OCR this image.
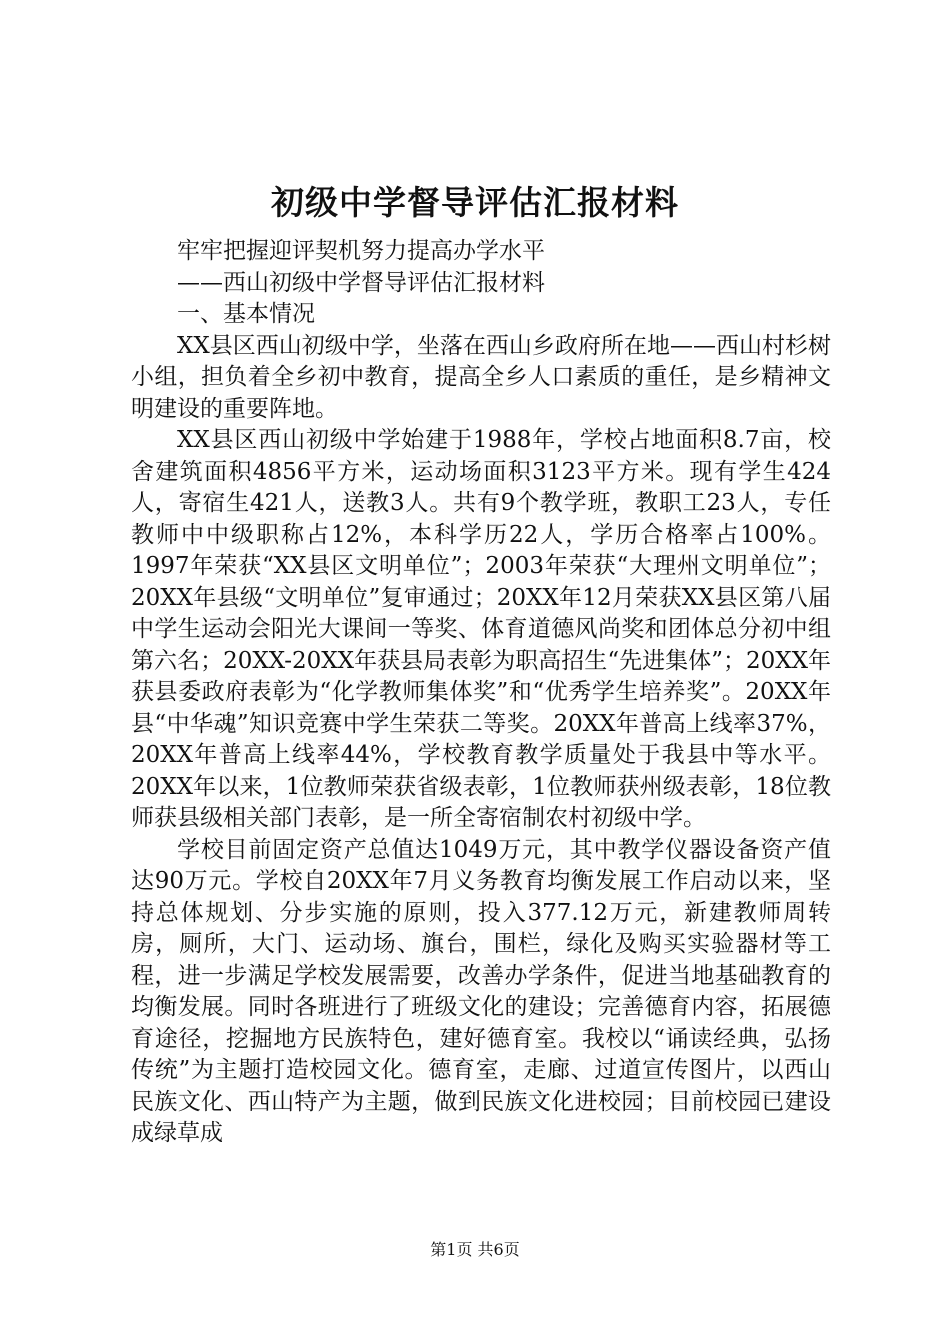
初级中学督导评估汇报材料

牢牢把握迎评契机努力提高办学水平

——西山初级中学督导评估汇报材料

一、基本情况

XX县区西山初级中学，坐落在西山乡政府所在地——西山村杉树小组，担负着全乡初中教育，提高全乡人口素质的重任，是乡精神文明建设的重要阵地。

XX县区西山初级中学始建于1988年，学校占地面积8.7亩，校舍建筑面积4856平方米，运动场面积3123平方米。现有学生424人，寄宿生421人，送教3人。共有9个教学班，教职工23人，专任教师中中级职称占12%，本科学历22人，学历合格率占100%。1997年荣获“XX县区文明单位”；2003年荣获“大理州文明单位”；20XX年县级“文明单位”复审通过；20XX年12月荣获XX县区第八届中学生运动会阳光大课间一等奖、体育道德风尚奖和团体总分初中组第六名；20XX-20XX年获县局表彰为职高招生“先进集体”；20XX年获县委政府表彰为“化学教师集体奖”和“优秀学生培养奖”。20XX年县“中华魂”知识竞赛中学生荣获二等奖。20XX年普高上线率37%，20XX年普高上线率44%，学校教育教学质量处于我县中等水平。20XX年以来，1位教师荣获省级表彰，1位教师获州级表彰，18位教师获县级相关部门表彰，是一所全寄宿制农村初级中学。

学校目前固定资产总值达1049万元，其中教学仪器设备资产值达90万元。学校自20XX年7月义务教育均衡发展工作启动以来，坚持总体规划、分步实施的原则，投入377.12万元，新建教师周转房，厕所，大门、运动场、旗台，围栏，绿化及购买实验器材等工程，进一步满足学校发展需要，改善办学条件，促进当地基础教育的均衡发展。同时各班进行了班级文化的建设；完善德育内容，拓展德育途径，挖掘地方民族特色，建好德育室。我校以“诵读经典，弘扬传统”为主题打造校园文化。德育室，走廊、过道宣传图片，以西山民族文化、西山特产为主题，做到民族文化进校园；目前校园已建设成绿草成

第1页 共6页
